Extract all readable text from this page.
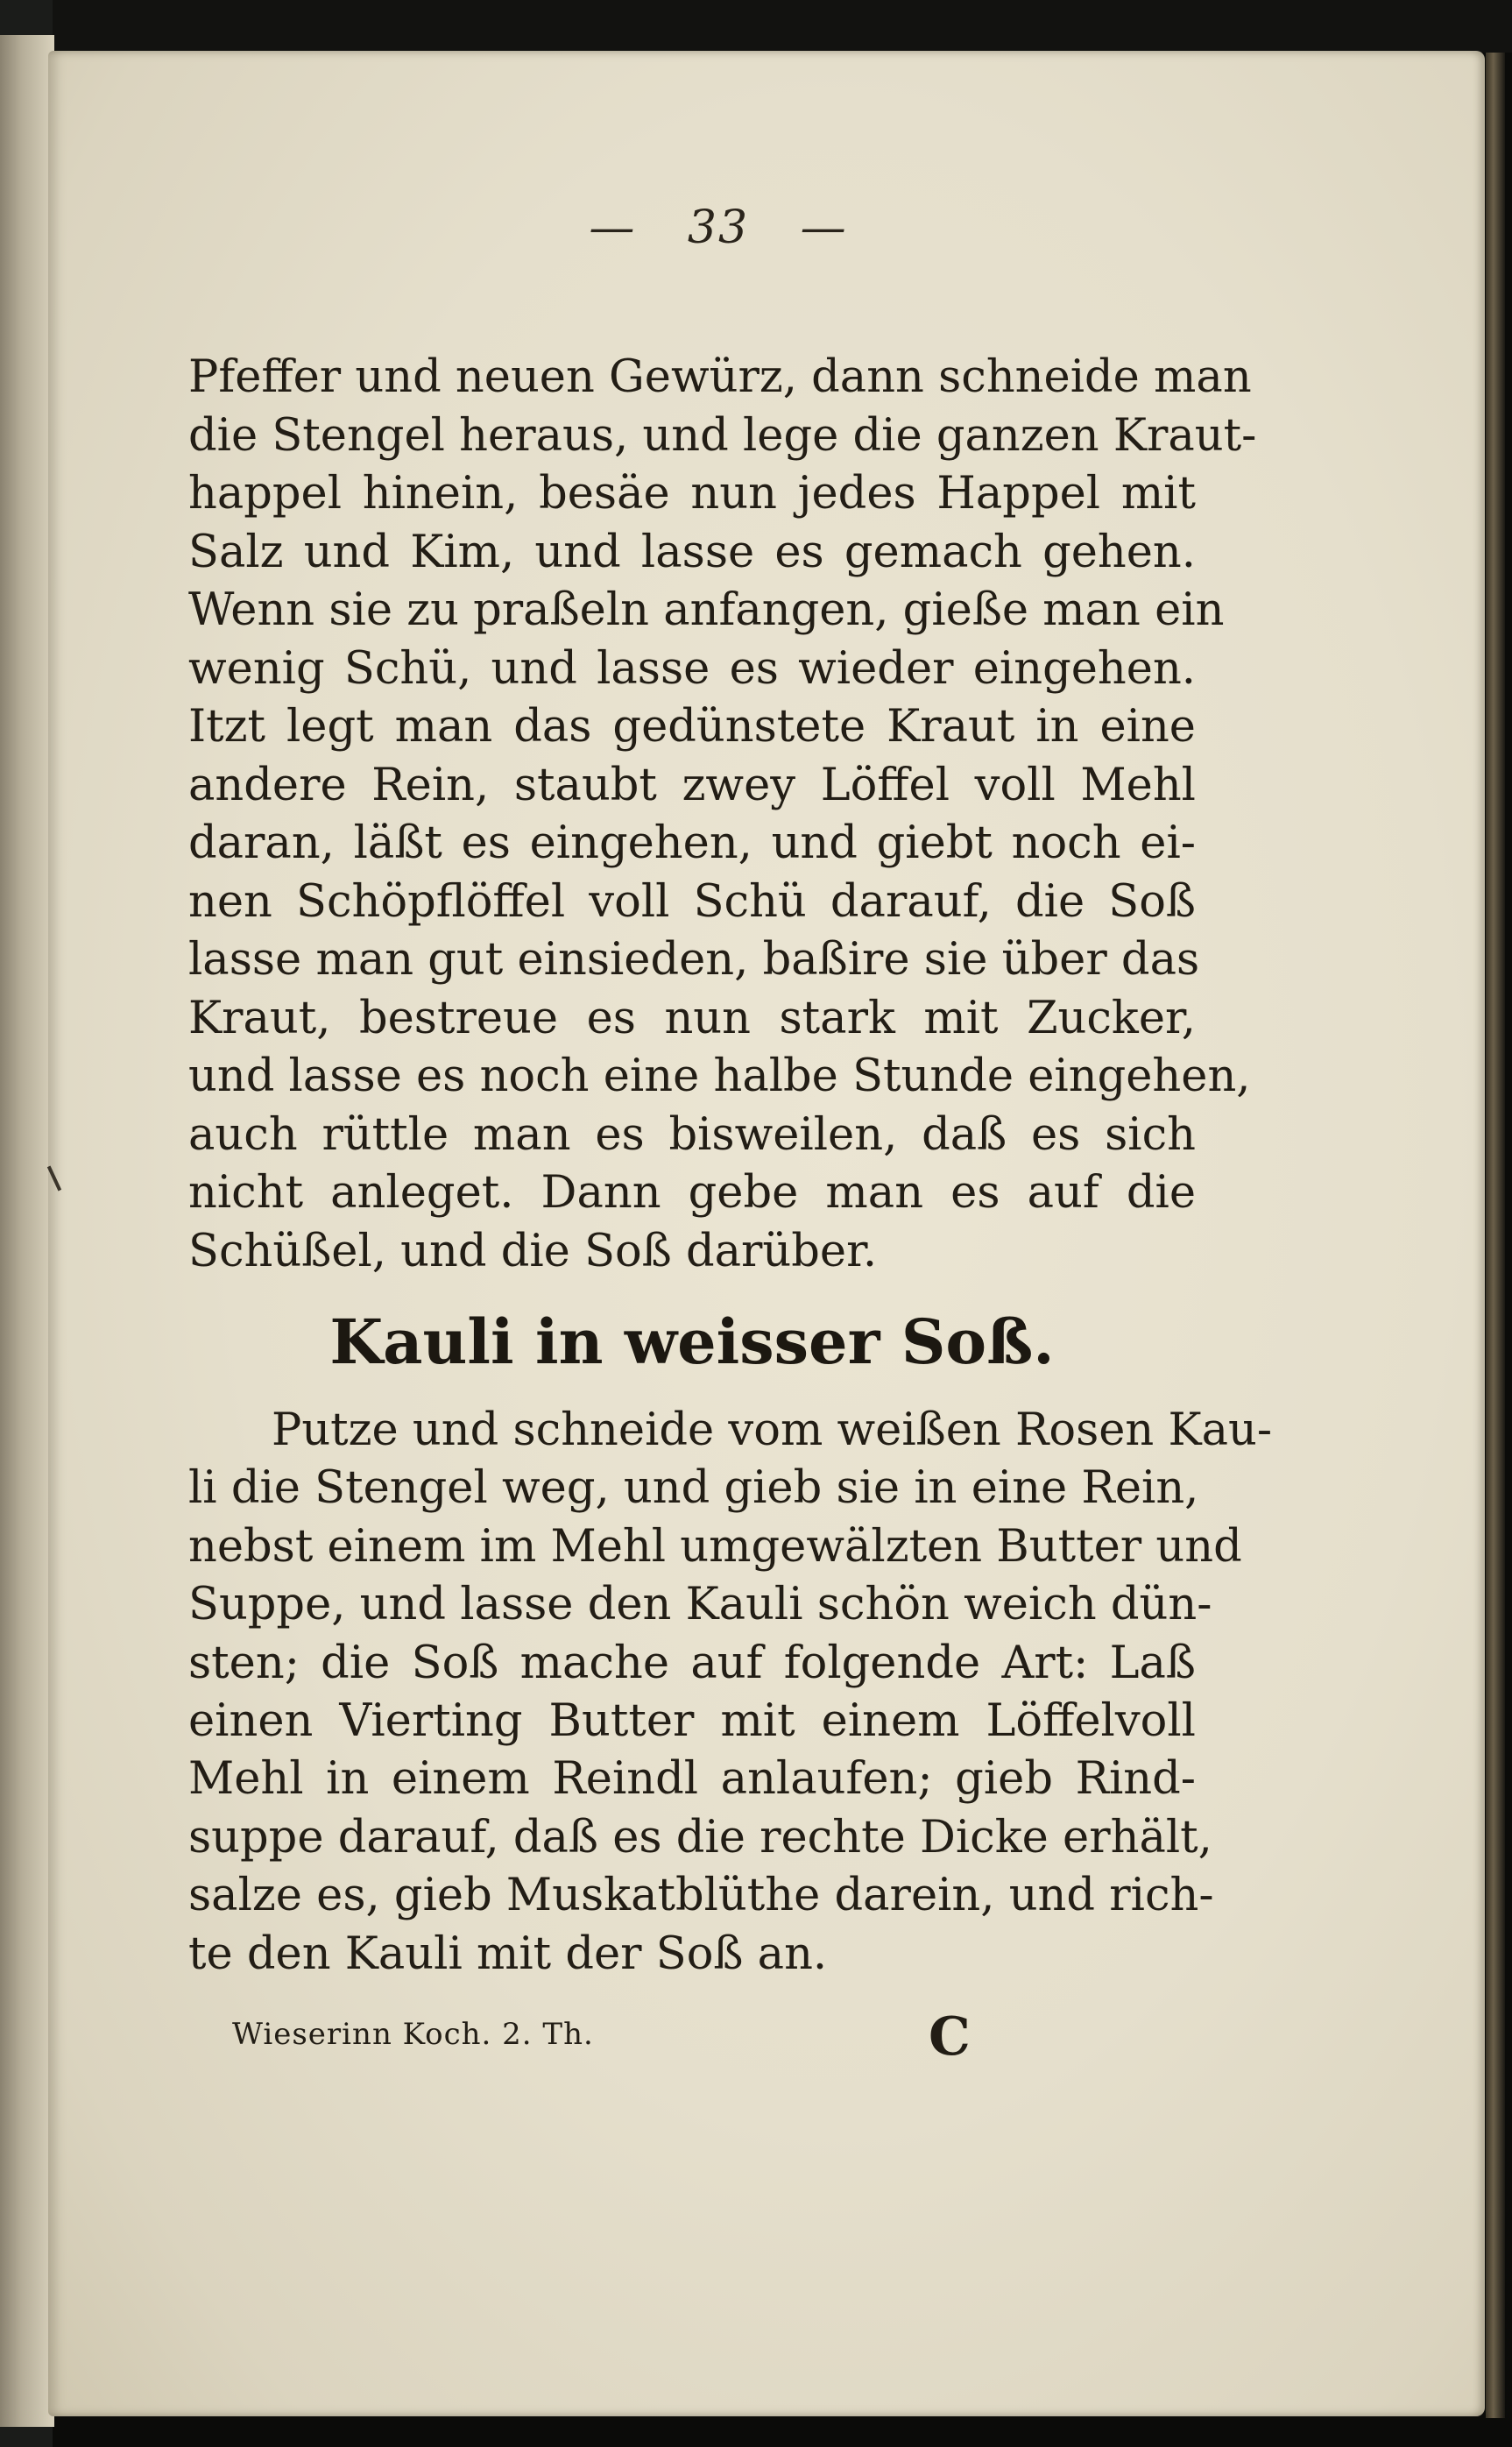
— 33 —
Pfeffer und neuen Gewürz, dann schneide man
die Stengel heraus, und lege die ganzen Kraut-
happel hinein, besäe nun jedes Happel mit
Salz und Kim, und lasse es gemach gehen.
Wenn sie zu praßeln anfangen, gieße man ein
wenig Schü, und lasse es wieder eingehen.
Itzt legt man das gedünstete Kraut in eine
andere Rein, staubt zwey Löffel voll Mehl
daran, läßt es eingehen, und giebt noch ei-
nen Schöpflöffel voll Schü darauf, die Soß
lasse man gut einsieden, baßire sie über das
Kraut, bestreue es nun stark mit Zucker,
und lasse es noch eine halbe Stunde eingehen,
auch rüttle man es bisweilen, daß es sich
nicht anleget. Dann gebe man es auf die
Schüßel, und die Soß darüber.
Kauli in weisser Soß.
Putze und schneide vom weißen Rosen Kau-
li die Stengel weg, und gieb sie in eine Rein,
nebst einem im Mehl umgewälzten Butter und
Suppe, und lasse den Kauli schön weich dün-
sten; die Soß mache auf folgende Art: Laß
einen Vierting Butter mit einem Löffelvoll
Mehl in einem Reindl anlaufen; gieb Rind-
suppe darauf, daß es die rechte Dicke erhält,
salze es, gieb Muskatblüthe darein, und rich-
te den Kauli mit der Soß an.
Wieserinn Koch. 2. Th.	C
